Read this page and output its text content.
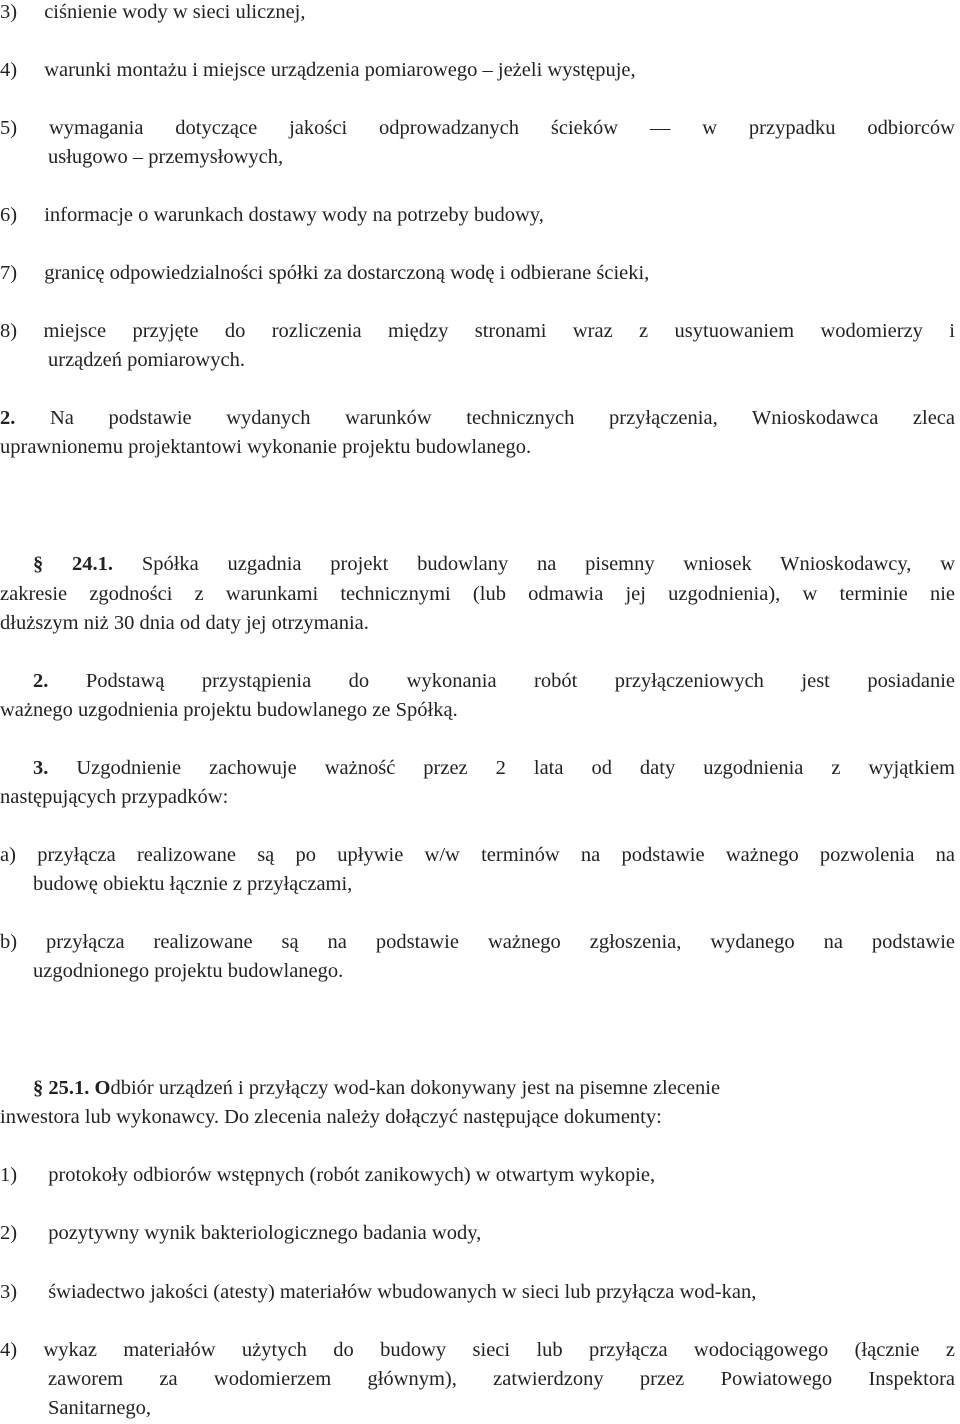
3) ciśnienie wody w sieci ulicznej,
4) warunki montażu i miejsce urządzenia pomiarowego – jeżeli występuje,
5) wymagania dotyczące jakości odprowadzanych ścieków — w przypadku odbiorców
usługowo – przemysłowych,
6) informacje o warunkach dostawy wody na potrzeby budowy,
7) granicę odpowiedzialności spółki za dostarczoną wodę i odbierane ścieki,
8) miejsce przyjęte do rozliczenia między stronami wraz z usytuowaniem wodomierzy i
urządzeń pomiarowych.
2. Na podstawie wydanych warunków technicznych przyłączenia, Wnioskodawca zleca
uprawnionemu projektantowi wykonanie projektu budowlanego.
§ 24.1. Spółka uzgadnia projekt budowlany na pisemny wniosek Wnioskodawcy, w
zakresie zgodności z warunkami technicznymi (lub odmawia jej uzgodnienia), w terminie nie
dłuższym niż 30 dnia od daty jej otrzymania.
2. Podstawą przystąpienia do wykonania robót przyłączeniowych jest posiadanie
ważnego uzgodnienia projektu budowlanego ze Spółką.
3. Uzgodnienie zachowuje ważność przez 2 lata od daty uzgodnienia z wyjątkiem
następujących przypadków:
a) przyłącza realizowane są po upływie w/w terminów na podstawie ważnego pozwolenia na
budowę obiektu łącznie z przyłączami,
b) przyłącza realizowane są na podstawie ważnego zgłoszenia, wydanego na podstawie
uzgodnionego projektu budowlanego.
§ 25.1. Odbiór urządzeń i przyłączy wod-kan dokonywany jest na pisemne zlecenie
inwestora lub wykonawcy. Do zlecenia należy dołączyć następujące dokumenty:
1) protokoły odbiorów wstępnych (robót zanikowych) w otwartym wykopie,
2) pozytywny wynik bakteriologicznego badania wody,
3) świadectwo jakości (atesty) materiałów wbudowanych w sieci lub przyłącza wod-kan,
4) wykaz materiałów użytych do budowy sieci lub przyłącza wodociągowego (łącznie z
zaworem za wodomierzem głównym), zatwierdzony przez Powiatowego Inspektora
Sanitarnego,
